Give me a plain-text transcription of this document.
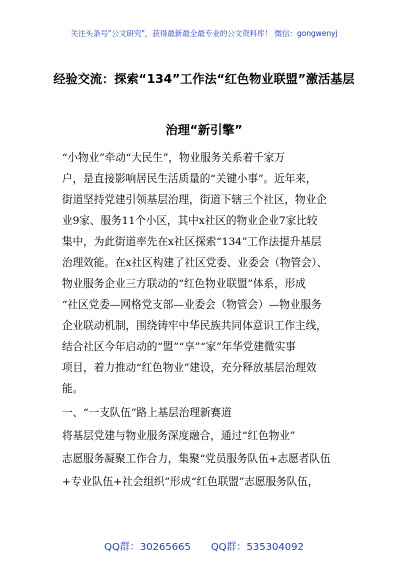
关注头条号"公文研究"，获得最新最全最专业的公文资料库！ 微信：gongwenyj
经验交流：探索“134”工作法“红色物业联盟”激活基层
治理“新引擎”
“小物业”牵动“大民生”，物业服务关系着千家万
户，是直接影响居民生活质量的“关键小事”。近年来，
街道坚持党建引领基层治理，街道下辖三个社区，物业企
业9家、服务11个小区，其中x社区的物业企业7家比较
集中，为此街道率先在x社区探索“134”工作法提升基层
治理效能。在x社区构建了社区党委、业委会（物管会）、
物业服务企业三方联动的“红色物业联盟”体系，形成
“社区党委—网格党支部—业委会（物管会）—物业服务
企业联动机制，围绕铸牢中华民族共同体意识工作主线，
结合社区今年启动的“盟”“享”“家”年华党建微实事
项目，着力推动“红色物业”建设，充分释放基层治理效
能。
一、“一支队伍”路上基层治理新赛道
将基层党建与物业服务深度融合，通过“红色物业”
志愿服务凝聚工作合力，集聚“党员服务队伍+志愿者队伍
+专业队伍+社会组织”形成“红色联盟”志愿服务队伍，
QQ群：30265665 QQ群：535304092
